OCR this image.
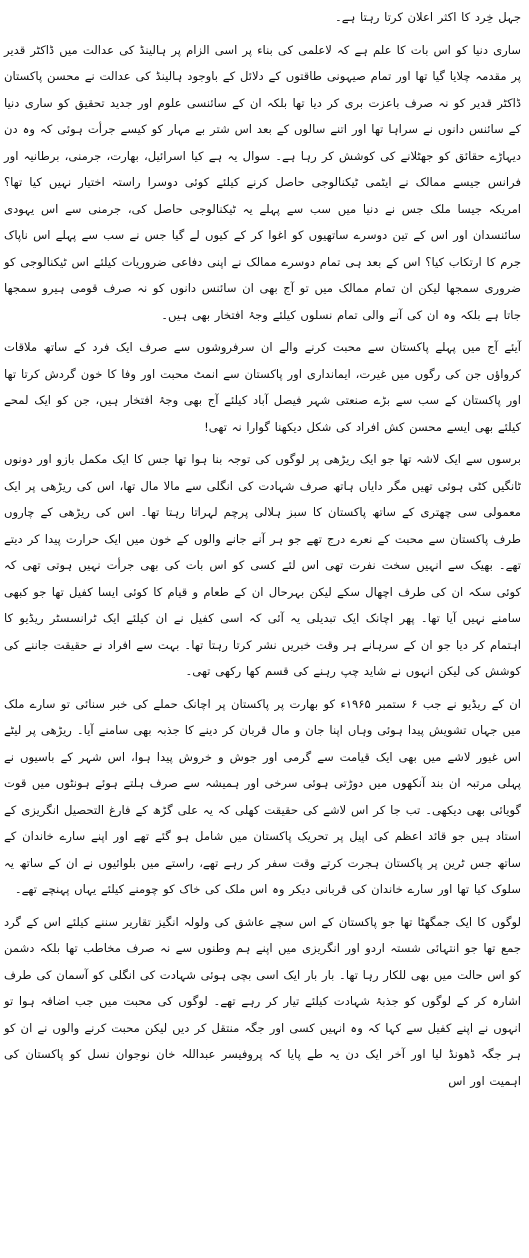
جہل خِرد کا اکثر اعلان کرتا رہتا ہے۔

ساری دنیا کو اس بات کا علم ہے کہ لاعلمی کی بناء پر اسی الزام پر ہالینڈ کی عدالت میں ڈاکٹر قدیر پر مقدمہ چلایا گیا تھا اور تمام صیہونی طاقتوں کے دلائل کے باوجود ہالینڈ کی عدالت نے محسن پاکستان ڈاکٹر قدیر کو نہ صرف باعزت بری کر دیا تھا بلکہ ان کے سائنسی علوم اور جدید تحقیق کو ساری دنیا کے سائنس دانوں نے سراہا تھا اور اتنے سالوں کے بعد اس شتر بے مہار کو کیسے جرأت ہوئی کہ وہ دن دیہاڑے حقائق کو جھٹلانے کی کوشش کر رہا ہے۔ سوال یہ ہے کیا اسرائیل، بھارت، جرمنی، برطانیہ اور فرانس جیسے ممالک نے ایٹمی ٹیکنالوجی حاصل کرنے کیلئے کوئی دوسرا راستہ اختیار نہیں کیا تھا؟ امریکہ جیسا ملک جس نے دنیا میں سب سے پہلے یہ ٹیکنالوجی حاصل کی، جرمنی سے اس یہودی سائنسدان اور اس کے تین دوسرے ساتھیوں کو اغوا کر کے کیوں لے گیا جس نے سب سے پہلے اس ناپاک جرم کا ارتکاب کیا؟ اس کے بعد ہی تمام دوسرے ممالک نے اپنی دفاعی ضروریات کیلئے اس ٹیکنالوجی کو ضروری سمجھا لیکن ان تمام ممالک میں تو آج بھی ان سائنس دانوں کو نہ صرف قومی ہیرو سمجھا جاتا ہے بلکہ وہ ان کی آنے والی تمام نسلوں کیلئے وجۂ افتخار بھی ہیں۔

آیئے آج میں پہلے پاکستان سے محبت کرنے والے ان سرفروشوں سے صرف ایک فرد کے ساتھ ملاقات کرواؤں جن کی رگوں میں غیرت، ایمانداری اور پاکستان سے انمٹ محبت اور وفا کا خون گردش کرتا تھا اور پاکستان کے سب سے بڑے صنعتی شہر فیصل آباد کیلئے آج بھی وجۂ افتخار ہیں، جن کو ایک لمحے کیلئے بھی ایسے محسن کش افراد کی شکل دیکھنا گوارا نہ تھی!

برسوں سے ایک لاشہ تھا جو ایک ریڑھی پر لوگوں کی توجہ بنا ہوا تھا جس کا ایک مکمل بازو اور دونوں ٹانگیں کٹی ہوئی تھیں مگر دایاں ہاتھ صرف شہادت کی انگلی سے مالا مال تھا، اس کی ریڑھی پر ایک معمولی سی چھتری کے ساتھ پاکستان کا سبز ہلالی پرچم لہراتا رہتا تھا۔ اس کی ریڑھی کے چاروں طرف پاکستان سے محبت کے نعرے درج تھے جو ہر آنے جانے والوں کے خون میں ایک حرارت پیدا کر دیتے تھے۔ بھیک سے انہیں سخت نفرت تھی اس لئے کسی کو اس بات کی بھی جرأت نہیں ہوتی تھی کہ کوئی سکہ ان کی طرف اچھال سکے لیکن بہرحال ان کے طعام و قیام کا کوئی ایسا کفیل تھا جو کبھی سامنے نہیں آیا تھا۔ پھر اچانک ایک تبدیلی یہ آئی کہ اسی کفیل نے ان کیلئے ایک ٹرانسسٹر ریڈیو کا اہتمام کر دیا جو ان کے سرہانے ہر وقت خبریں نشر کرتا رہتا تھا۔ بہت سے افراد نے حقیقت جاننے کی کوشش کی لیکن انہوں نے شاید چپ رہنے کی قسم کھا رکھی تھی۔

ان کے ریڈیو نے جب ۶ ستمبر ۱۹۶۵ء کو بھارت پر پاکستان پر اچانک حملے کی خبر سنائی تو سارے ملک میں جہاں تشویش پیدا ہوئی وہاں اپنا جان و مال قربان کر دینے کا جذبہ بھی سامنے آیا۔ ریڑھی پر لیٹے اس غیور لاشے میں بھی ایک قیامت سے گرمی اور جوش و خروش پیدا ہوا، اس شہر کے باسیوں نے پہلی مرتبہ ان بند آنکھوں میں دوڑتی ہوئی سرخی اور ہمیشہ سے صرف ہلتے ہوئے ہونٹوں میں قوت گویائی بھی دیکھی۔ تب جا کر اس لاشے کی حقیقت کھلی کہ یہ علی گڑھ کے فارغ التحصیل انگریزی کے استاد ہیں جو قائد اعظم کی اپیل پر تحریک پاکستان میں شامل ہو گئے تھے اور اپنے سارے خاندان کے ساتھ جس ٹرین پر پاکستان ہجرت کرتے وقت سفر کر رہے تھے، راستے میں بلوائیوں نے ان کے ساتھ یہ سلوک کیا تھا اور سارے خاندان کی قربانی دیکر وہ اس ملک کی خاک کو چومنے کیلئے یہاں پہنچے تھے۔

لوگوں کا ایک جمگھٹا تھا جو پاکستان کے اس سچے عاشق کی ولولہ انگیز تقاریر سننے کیلئے اس کے گرد جمع تھا جو انتہائی شستہ اردو اور انگریزی میں اپنے ہم وطنوں سے نہ صرف مخاطب تھا بلکہ دشمن کو اس حالت میں بھی للکار رہا تھا۔ بار بار ایک اسی بچی ہوئی شہادت کی انگلی کو آسمان کی طرف اشارہ کر کے لوگوں کو جذبۂ شہادت کیلئے تیار کر رہے تھے۔ لوگوں کی محبت میں جب اضافہ ہوا تو انہوں نے اپنے کفیل سے کہا کہ وہ انہیں کسی اور جگہ منتقل کر دیں لیکن محبت کرنے والوں نے ان کو ہر جگہ ڈھونڈ لیا اور آخر ایک دن یہ طے پایا کہ پروفیسر عبداللہ خان نوجوان نسل کو پاکستان کی اہمیت اور اس
